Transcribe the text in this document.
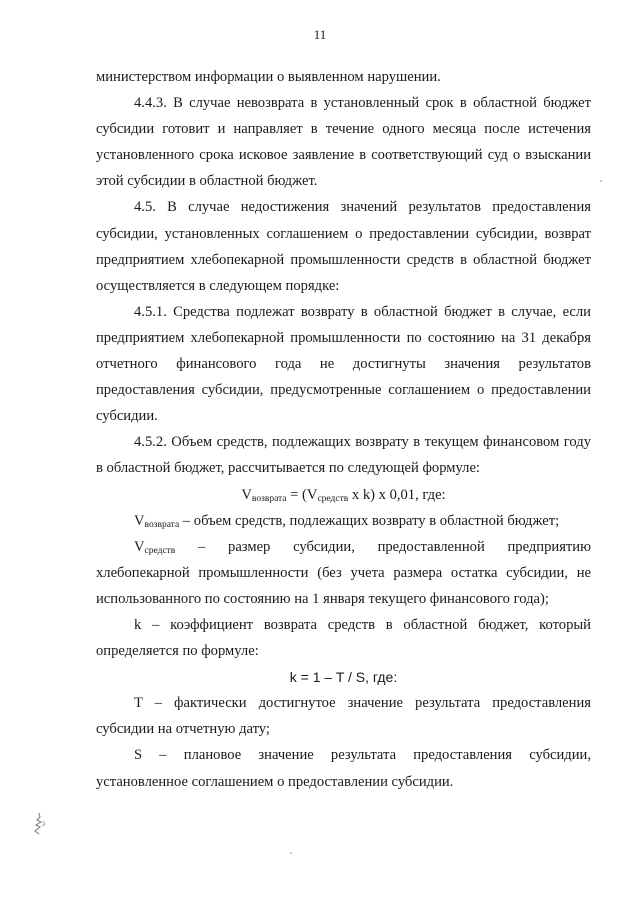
11

министерством информации о выявленном нарушении.

4.4.3. В случае невозврата в установленный срок в областной бюджет субсидии готовит и направляет в течение одного месяца после истечения установленного срока исковое заявление в соответствующий суд о взыскании этой субсидии в областной бюджет.

4.5. В случае недостижения значений результатов предоставления субсидии, установленных соглашением о предоставлении субсидии, возврат предприятием хлебопекарной промышленности средств в областной бюджет осуществляется в следующем порядке:

4.5.1. Средства подлежат возврату в областной бюджет в случае, если предприятием хлебопекарной промышленности по состоянию на 31 декабря отчетного финансового года не достигнуты значения результатов предоставления субсидии, предусмотренные соглашением о предоставлении субсидии.

4.5.2. Объем средств, подлежащих возврату в текущем финансовом году в областной бюджет, рассчитывается по следующей формуле:

$V_{возврата} = (V_{средств}$ x k) x 0,01, где:

$V_{возврата}$ – объем средств, подлежащих возврату в областной бюджет;

$V_{средств}$ – размер субсидии, предоставленной предприятию хлебопекарной промышленности (без учета размера остатка субсидии, не использованного по состоянию на 1 января текущего финансового года);

k – коэффициент возврата средств в областной бюджет, который определяется по формуле:

k = 1 – T / S, где:

T – фактически достигнутое значение результата предоставления субсидии на отчетную дату;

S – плановое значение результата предоставления субсидии, установленное соглашением о предоставлении субсидии.
